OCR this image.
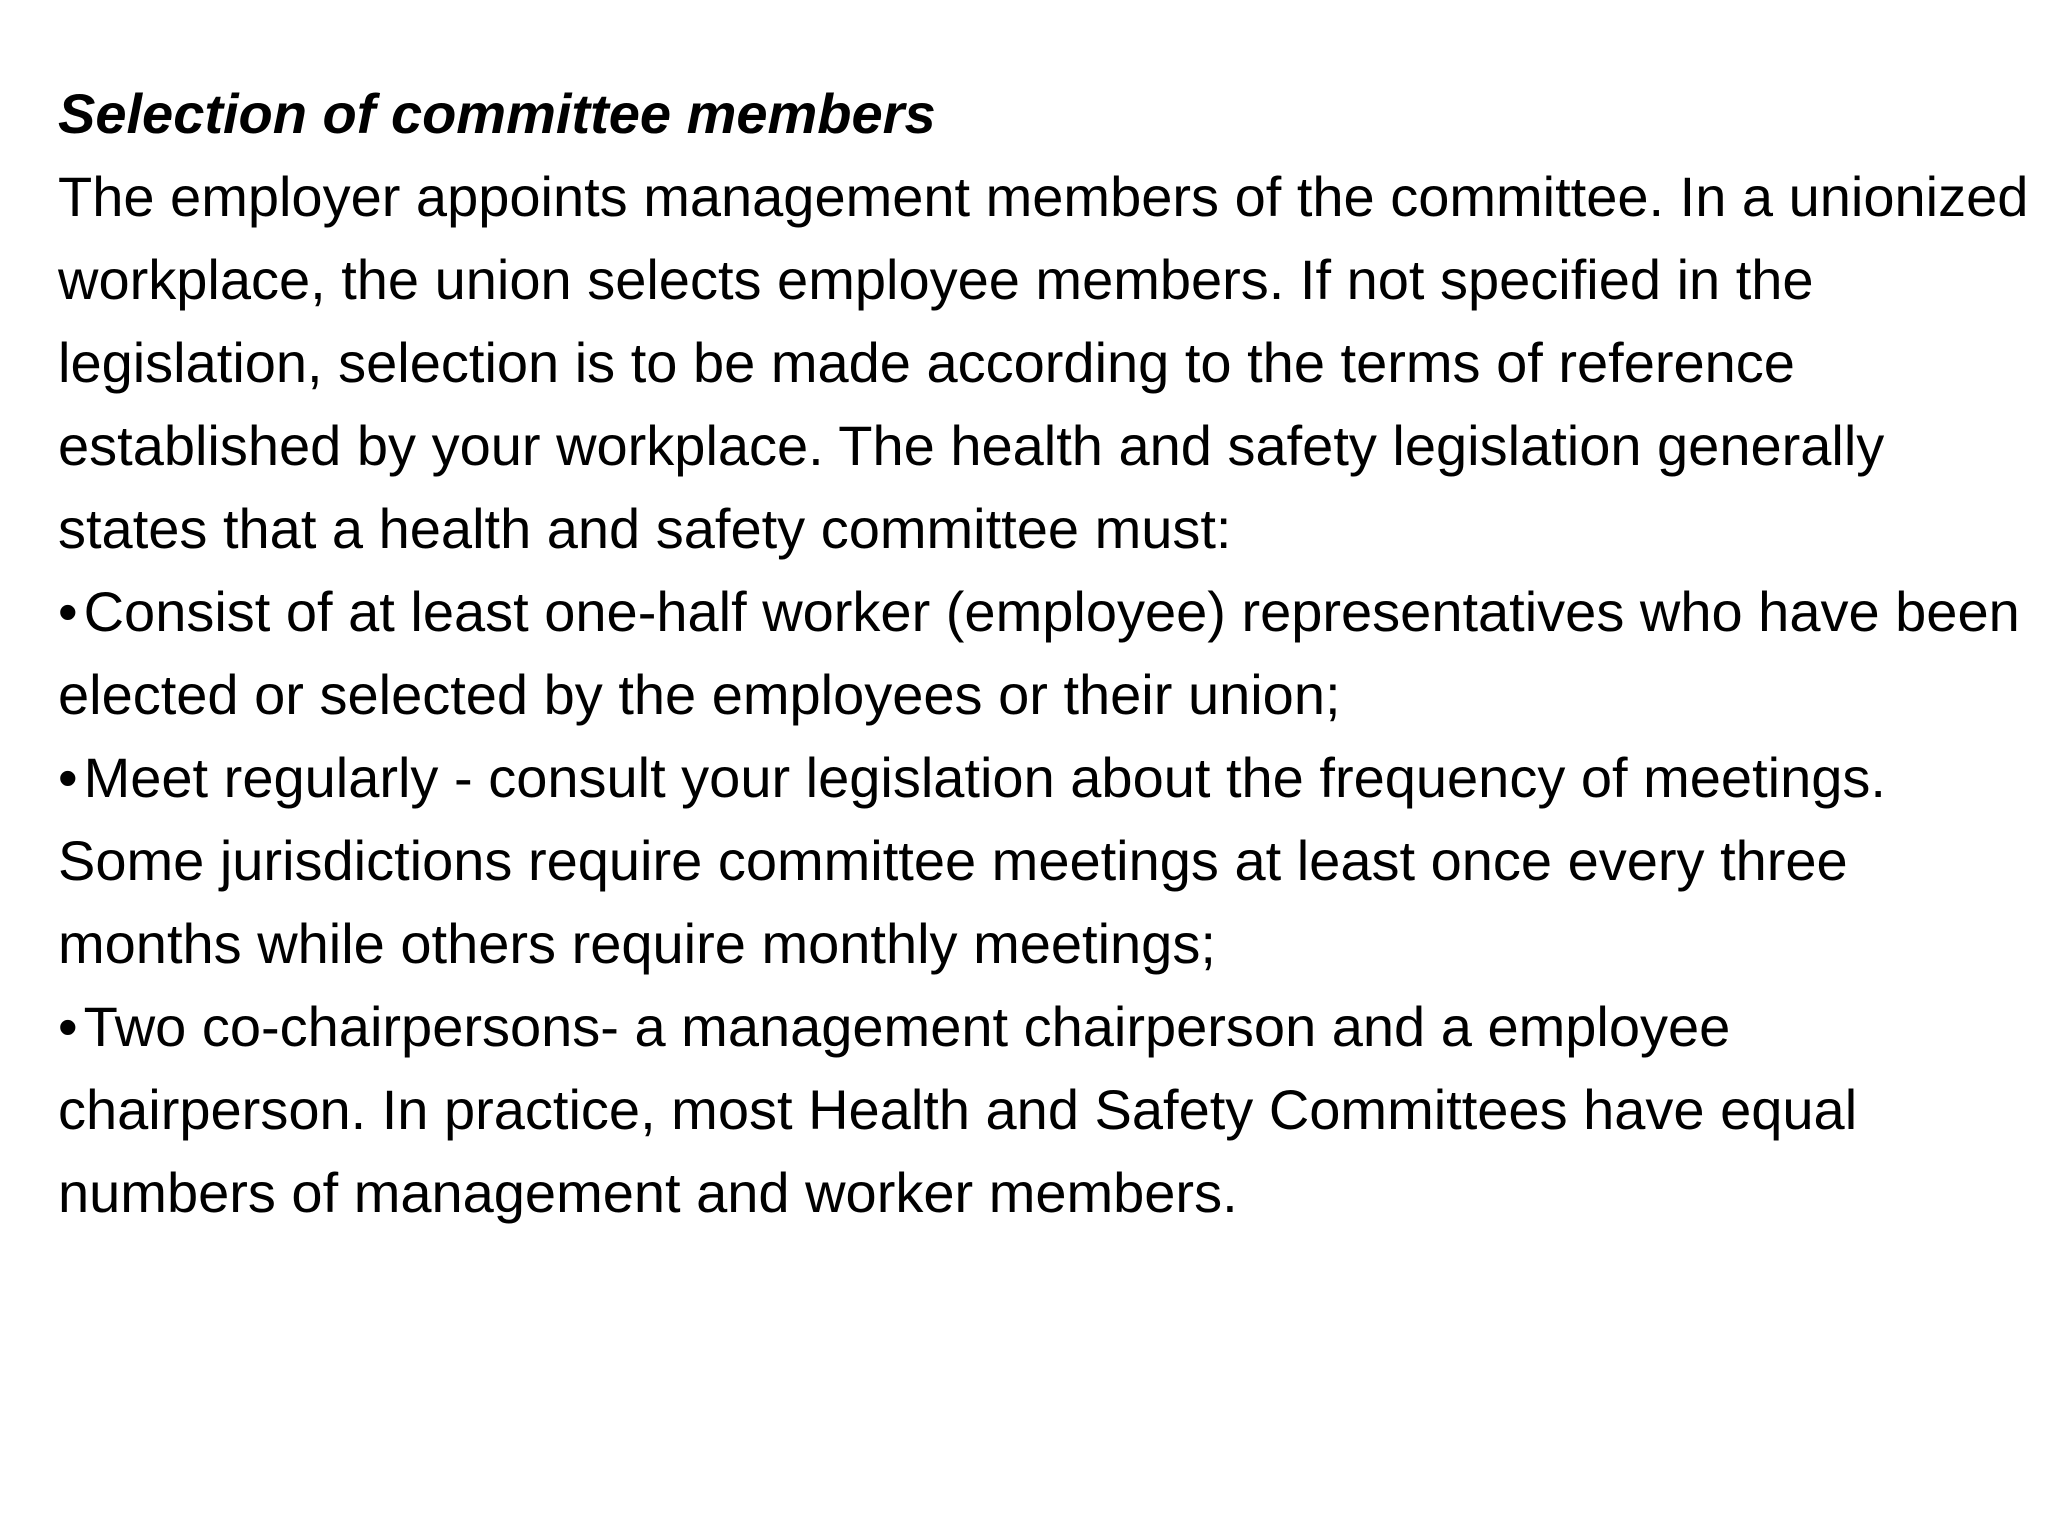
Selection of committee members

The employer appoints management members of the committee. In a unionized workplace, the union selects employee members. If not specified in the legislation, selection is to be made according to the terms of reference established by your workplace. The health and safety legislation generally states that a health and safety committee must:

• Consist of at least one-half worker (employee) representatives who have been elected or selected by the employees or their union;
• Meet regularly - consult your legislation about the frequency of meetings. Some jurisdictions require committee meetings at least once every three months while others require monthly meetings;
• Two co-chairpersons- a management chairperson and a employee chairperson. In practice, most Health and Safety Committees have equal numbers of management and worker members.
